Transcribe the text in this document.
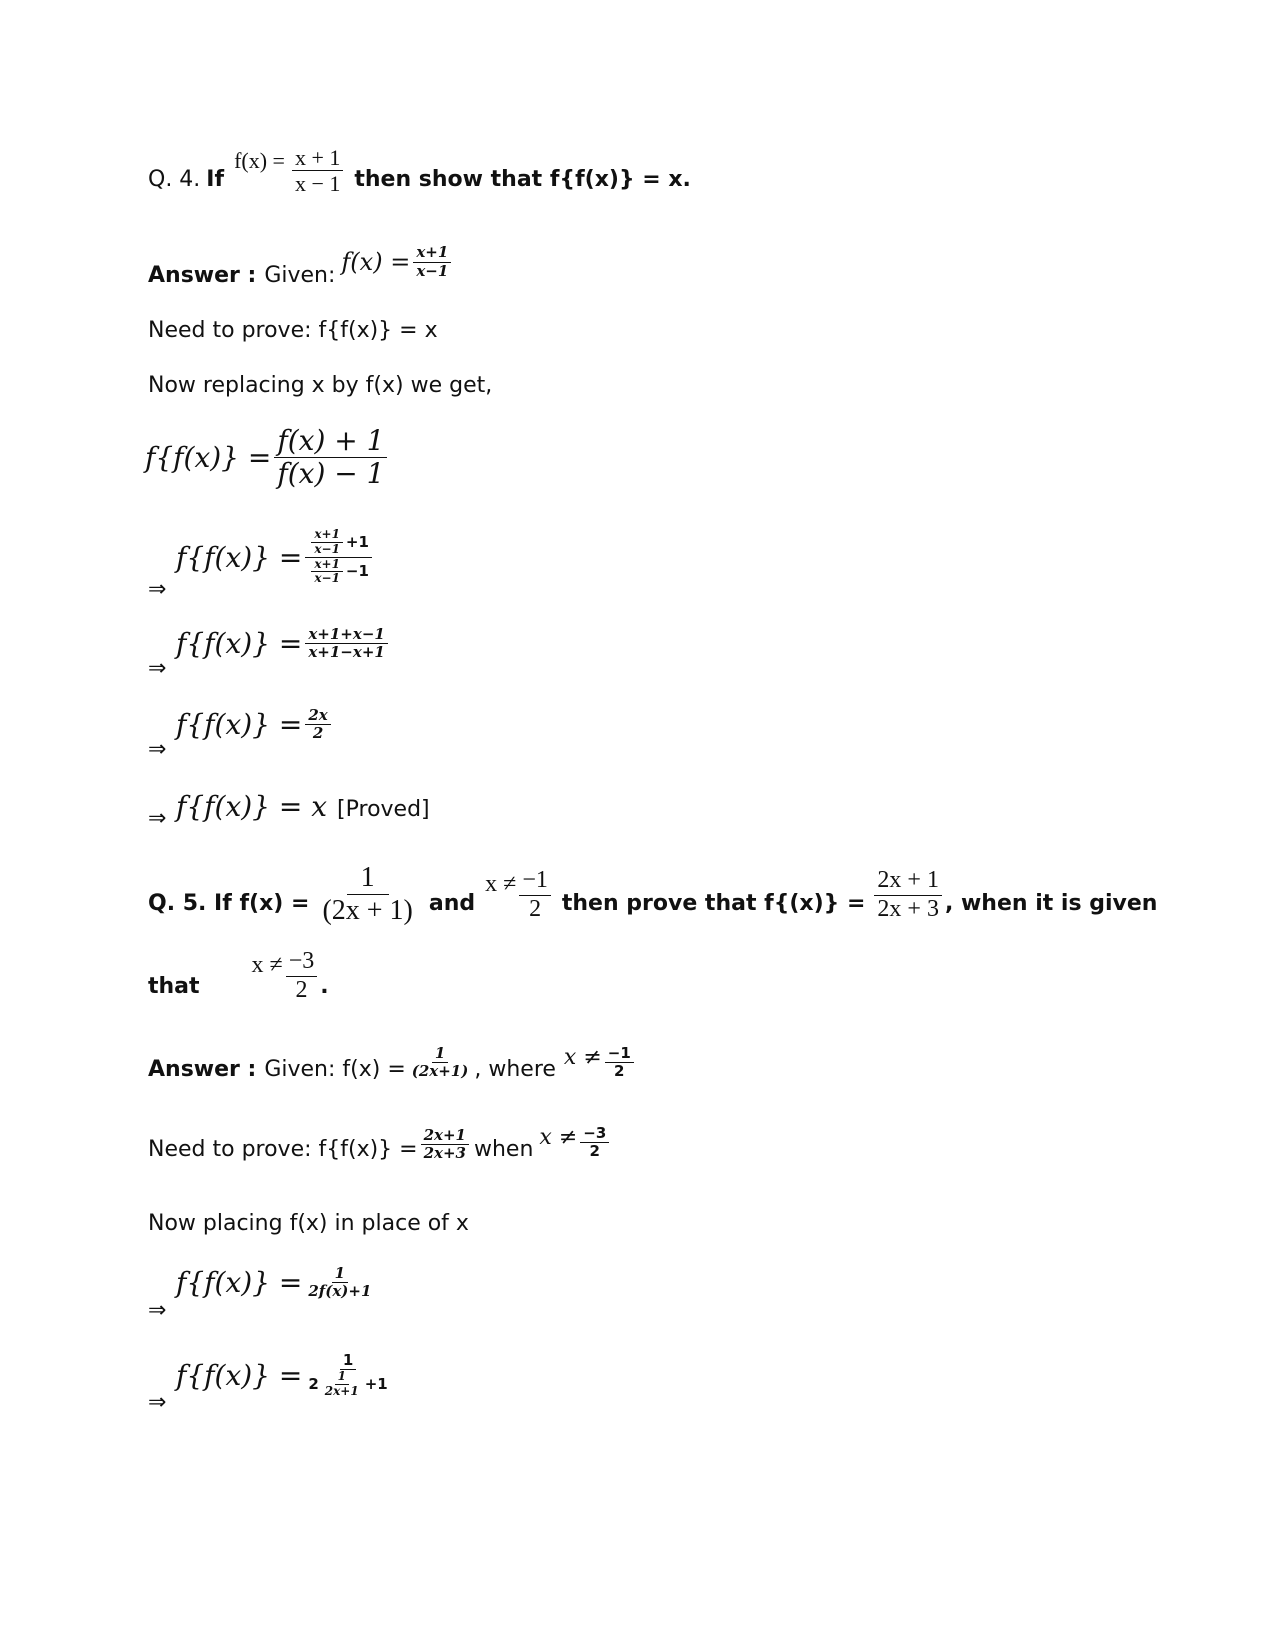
Q. 4. If
$f(x) = \frac{x + 1}{x - 1}$ then show that f{f(x)} = x.
Answer : Given: $f(x) = \frac{x+1}{x-1}$
Need to prove: f{f(x)} = x
Now replacing x by f(x) we get,
$f\{f(x)\} = \frac{f(x) + 1}{f(x) - 1}$
⇒
$f\{f(x)\} = \frac{\frac{x+1}{x-1} +1}{\frac{x+1}{x-1} -1}$
⇒
$f\{f(x)\} = \frac{x+1+x-1}{x+1-x+1}$
⇒
$f\{f(x)\} = \frac{2x}{2}$
⇒ f{f(x)} = x [Proved]
Q. 5. If $f(x) = \frac{1}{(2x + 1)}$ and
$x \ne \frac{-1}{2}$ then prove that $f\{(x)\} = \frac{2x + 1}{2x + 3}$ , when it is given
that
$x \ne \frac{-3}{2}$ .
Answer : Given: $f(x) = \frac{1}{(2x+1)}$ , where $x \ne \frac{-1}{2}$
Need to prove: $f\{f(x)\} = \frac{2x+1}{2x+3}$ when $x \ne \frac{-3}{2}$
Now placing f(x) in place of x
⇒
$f\{f(x)\} = \frac{1}{2f(x)+1}$
⇒
$f\{f(x)\} = \frac{1}{2 \frac{1}{2x+1} +1}$
